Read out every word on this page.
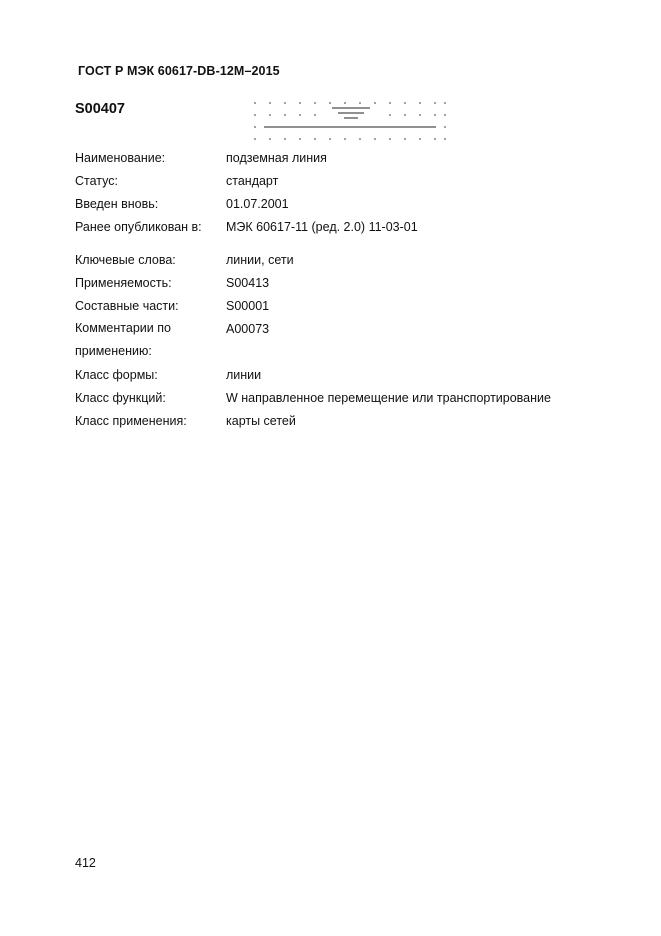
ГОСТ Р МЭК 60617-DB-12M–2015
S00407
Наименование:	подземная линия
Статус:	стандарт
Введен вновь:	01.07.2001
Ранее опубликован в: МЭК 60617-11 (ред. 2.0) 11-03-01
Ключевые слова:	линии, сети
Применяемость:	S00413
Составные части:	S00001
Комментарии по применению:
A00073
Класс формы:	линии
Класс функций:	W направленное перемещение или транспортирование
Класс применения:	карты сетей
412
